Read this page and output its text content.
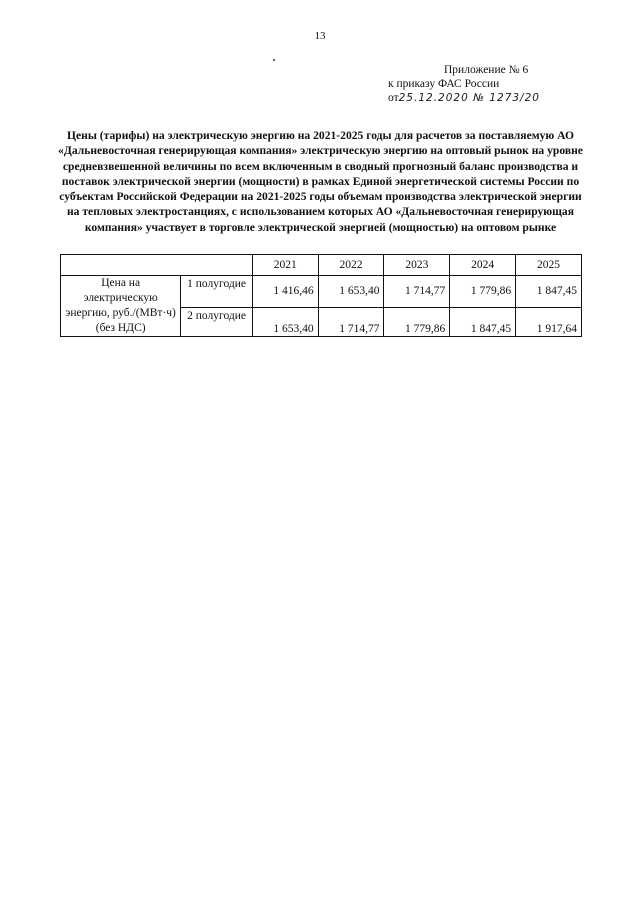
13
Приложение № 6
к приказу ФАС России
от25.12.2020 № 1273/20
Цены (тарифы) на электрическую энергию на 2021-2025 годы для расчетов за поставляемую АО «Дальневосточная генерирующая компания» электрическую энергию на оптовый рынок на уровне средневзвешенной величины по всем включенным в сводный прогнозный баланс производства и поставок электрической энергии (мощности) в рамках Единой энергетической системы России по субъектам Российской Федерации на 2021-2025 годы объемам производства электрической энергии на тепловых электростанциях, с использованием которых АО «Дальневосточная генерирующая компания» участвует в торговле электрической энергией (мощностью) на оптовом рынке
		2021	2022	2023	2024	2025
Цена на электрическую энергию, руб./(МВт·ч) (без НДС)	1 полугодие	1 416,46	1 653,40	1 714,77	1 779,86	1 847,45
	2 полугодие	1 653,40	1 714,77	1 779,86	1 847,45	1 917,64
